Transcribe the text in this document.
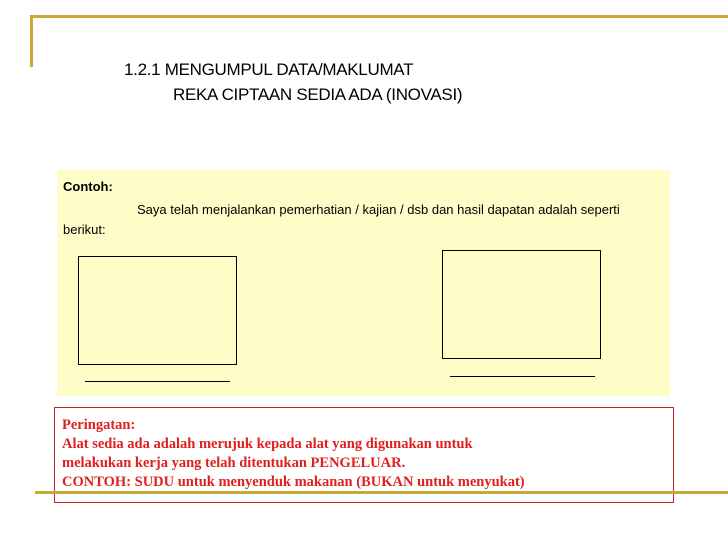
1.2.1 MENGUMPUL DATA/MAKLUMAT
REKA CIPTAAN SEDIA ADA (INOVASI)
Contoh:
Saya telah menjalankan pemerhatian / kajian / dsb dan hasil dapatan adalah seperti berikut:
Peringatan:
Alat sedia ada adalah merujuk kepada alat yang digunakan untuk
melakukan kerja yang telah ditentukan PENGELUAR.
CONTOH: SUDU untuk menyenduk makanan (BUKAN untuk menyukat)
